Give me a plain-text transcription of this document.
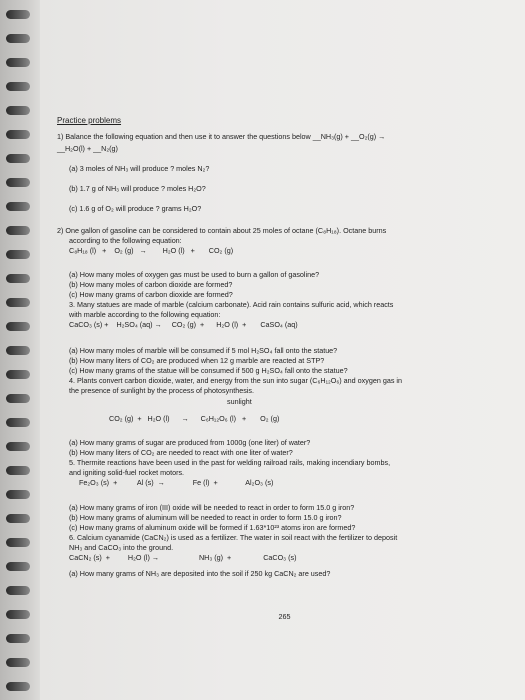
Practice problems
1) Balance the following equation and then use it to answer the questions below __NH₃(g) + __O₂(g) →
__H₂O(l) + __N₂(g)
(a) 3 moles of NH₃ will produce ? moles N₂?
(b) 1.7 g of NH₃ will produce ? moles H₂O?
(c) 1.6 g of O₂ will produce ? grams H₂O?
2) One gallon of gasoline can be considered to contain about 25 moles of octane (C₈H₁₈). Octane burns
according to the following equation:
C₈H₁₈ (l)   +    O₂ (g)   →        H₂O (l)   +       CO₂ (g)
(a) How many moles of oxygen gas must be used to burn a gallon of gasoline?
(b) How many moles of carbon dioxide are formed?
(c) How many grams of carbon dioxide are formed?
3. Many statues are made of marble (calcium carbonate). Acid rain contains sulfuric acid, which reacts
with marble according to the following equation:
CaCO₃ (s) +    H₂SO₄ (aq) →     CO₂ (g)  +      H₂O (l)  +       CaSO₄ (aq)
(a) How many moles of marble will be consumed if 5 mol H₂SO₄ fall onto the statue?
(b) How many liters of CO₂ are produced when 12 g marble are reacted at STP?
(c) How many grams of the statue will be consumed if 500 g H₂SO₄ fall onto the statue?
4. Plants convert carbon dioxide, water, and energy from the sun into sugar (C₆H₁₂O₆) and oxygen gas in
the presence of sunlight by the process of photosynthesis.
sunlight
CO₂ (g)  +   H₂O (l)      →      C₆H₁₂O₆ (l)   +       O₂ (g)
(a) How many grams of sugar are produced from 1000g (one liter) of water?
(b) How many liters of CO₂ are needed to react with one liter of water?
5. Thermite reactions have been used in the past for welding railroad rails, making incendiary bombs,
and igniting solid-fuel rocket motors.
Fe₂O₃ (s)  +          Al (s)  →              Fe (l)  +              Al₂O₃ (s)
(a) How many grams of iron (III) oxide will be needed to react in order to form 15.0 g iron?
(b) How many grams of aluminum will be needed to react in order to form 15.0 g iron?
(c) How many grams of aluminum oxide will be formed if 1.63*10²³ atoms iron are formed?
6. Calcium cyanamide (CaCN₂) is used as a fertilizer. The water in soil react with the fertilizer to deposit
NH₃ and CaCO₃ into the ground.
CaCN₂ (s)  +         H₂O (l) →                    NH₃ (g)  +                CaCO₃ (s)
(a) How many grams of NH₃ are deposited into the soil if 250 kg CaCN₂ are used?
265
